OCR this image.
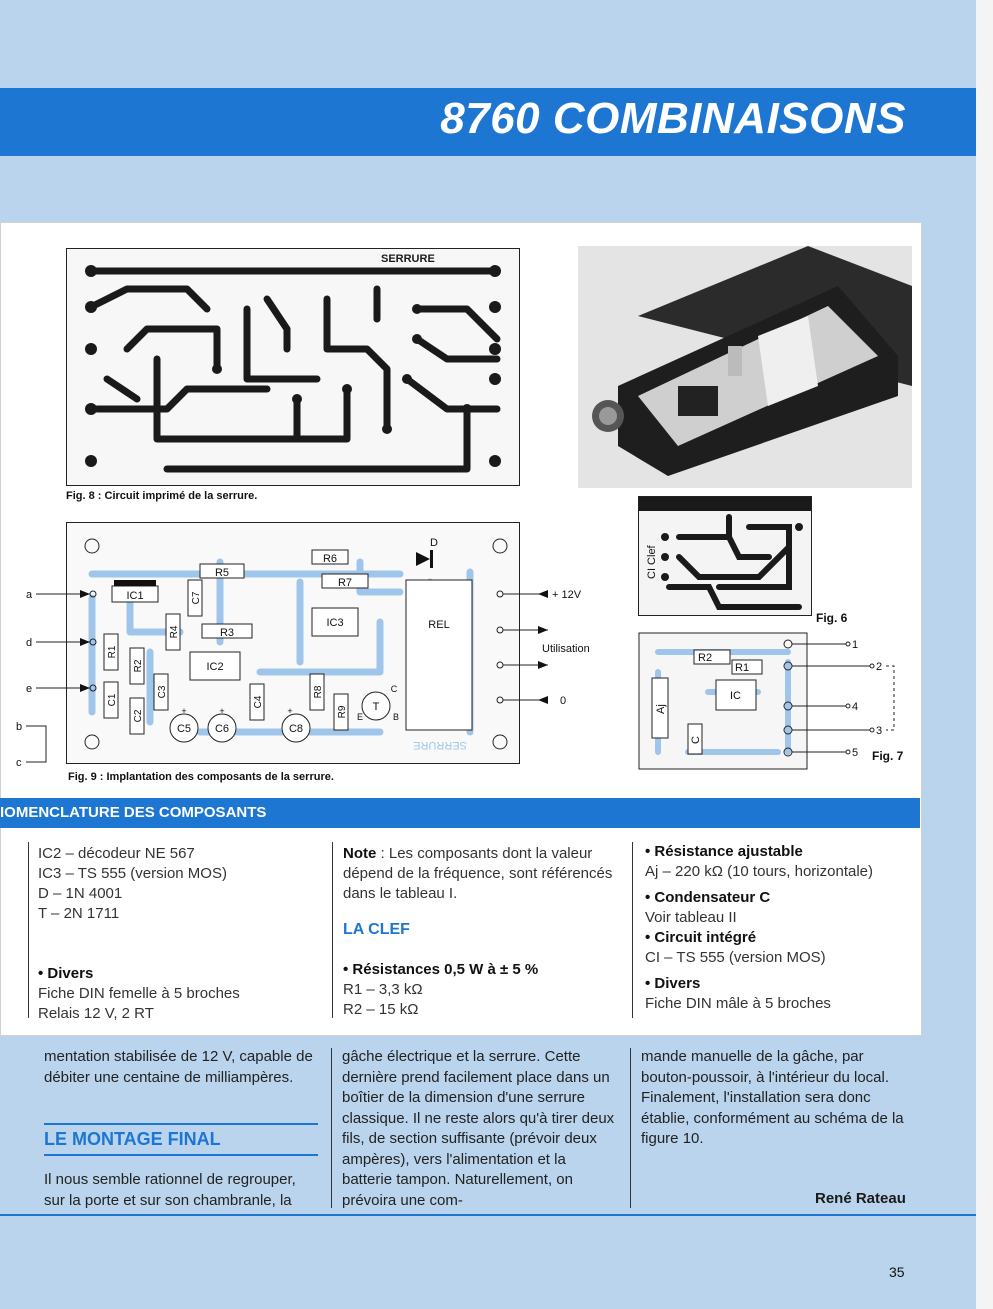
8760 COMBINAISONS
SERRURE
Fig. 8 : Circuit imprimé de la serrure.
IC1
R5
R6
R7
R3
IC2
IC3	REL
D
C5 C6	C8
T
E	B
C
+	+	+
SERRURE
C7
R4
R1
R2
C1
C2
C3
C4
R8
R9
a
d
e
b
c
+ 12V
Utilisation
0
Fig. 9 : Implantation des composants de la serrure.
CI Clef
Fig. 6
R2
R1
IC
Aj
C
1
2
4
3
5 Fig. 7
IOMENCLATURE DES COMPOSANTS
IC2 – décodeur NE 567
IC3 – TS 555 (version MOS)
D – 1N 4001
T – 2N 1711
• Divers
Fiche DIN femelle à 5 broches
Relais 12 V, 2 RT
Note : Les composants dont la valeur dépend de la fréquence, sont référencés dans le tableau I.
LA CLEF
• Résistances 0,5 W à ± 5 %
R1 – 3,3 kΩ
R2 – 15 kΩ
• Résistance ajustable
Aj – 220 kΩ (10 tours, horizontale)
• Condensateur C
Voir tableau II
• Circuit intégré
CI – TS 555 (version MOS)
• Divers
Fiche DIN mâle à 5 broches
mentation stabilisée de 12 V, capable de débiter une centaine de milliampères.
LE MONTAGE FINAL
Il nous semble rationnel de regrouper, sur la porte et sur son chambranle, la
gâche électrique et la serrure. Cette dernière prend facilement place dans un boîtier de la dimension d'une serrure classique. Il ne reste alors qu'à tirer deux fils, de section suffisante (prévoir deux ampères), vers l'alimentation et la batterie tampon. Naturellement, on prévoira une com-
mande manuelle de la gâche, par bouton-poussoir, à l'intérieur du local. Finalement, l'installation sera donc établie, conformément au schéma de la figure 10.
René Rateau
35
